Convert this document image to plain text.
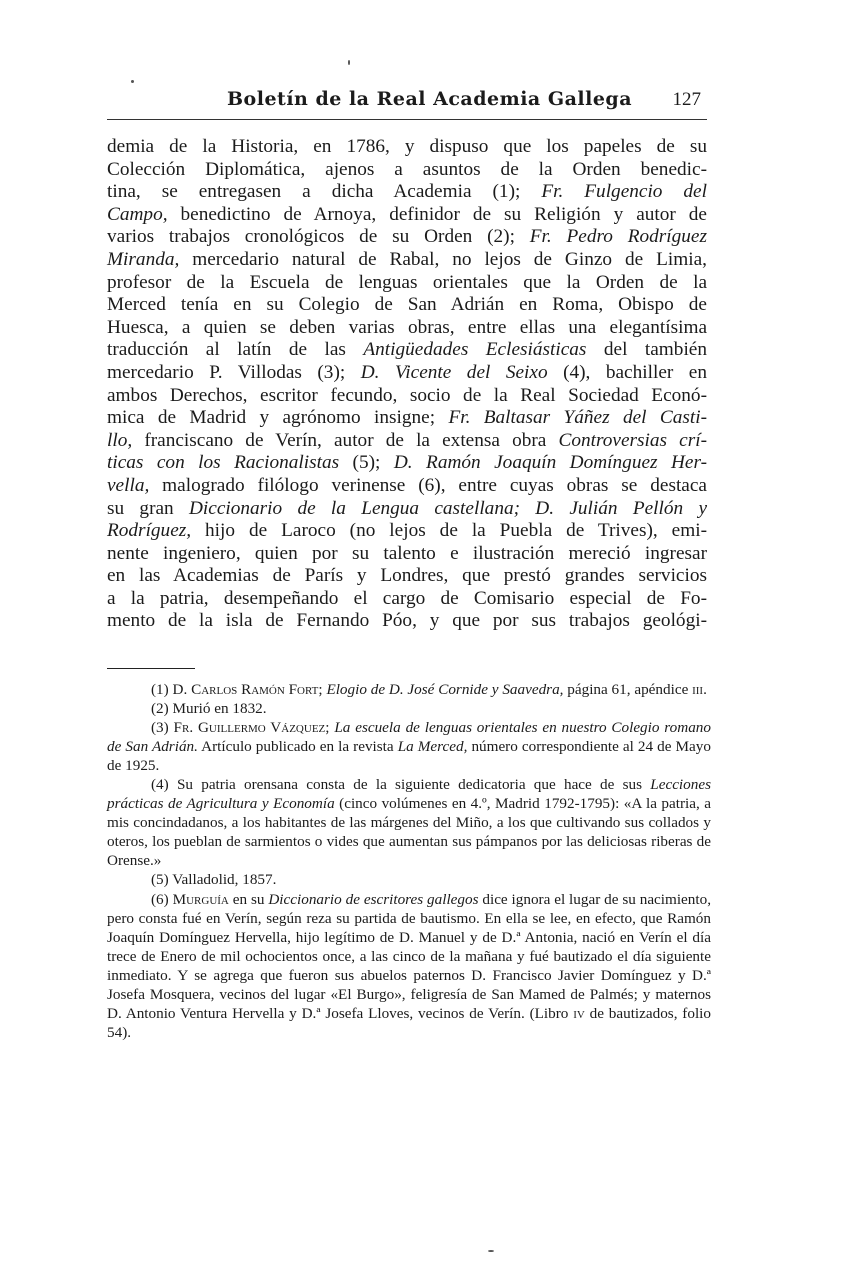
Boletín de la Real Academia Gallega 127
demia de la Historia, en 1786, y dispuso que los papeles de su
Colección Diplomática, ajenos a asuntos de la Orden benedic-
tina, se entregasen a dicha Academia (1); Fr. Fulgencio del
Campo, benedictino de Arnoya, definidor de su Religión y autor de
varios trabajos cronológicos de su Orden (2); Fr. Pedro Rodríguez
Miranda, mercedario natural de Rabal, no lejos de Ginzo de Limia,
profesor de la Escuela de lenguas orientales que la Orden de la
Merced tenía en su Colegio de San Adrián en Roma, Obispo de
Huesca, a quien se deben varias obras, entre ellas una elegantísima
traducción al latín de las Antigüedades Eclesiásticas del también
mercedario P. Villodas (3); D. Vicente del Seixo (4), bachiller en
ambos Derechos, escritor fecundo, socio de la Real Sociedad Econó-
mica de Madrid y agrónomo insigne; Fr. Baltasar Yáñez del Casti-
llo, franciscano de Verín, autor de la extensa obra Controversias crí-
ticas con los Racionalistas (5); D. Ramón Joaquín Domínguez Her-
vella, malogrado filólogo verinense (6), entre cuyas obras se destaca
su gran Diccionario de la Lengua castellana; D. Julián Pellón y
Rodríguez, hijo de Laroco (no lejos de la Puebla de Trives), emi-
nente ingeniero, quien por su talento e ilustración mereció ingresar
en las Academias de París y Londres, que prestó grandes servicios
a la patria, desempeñando el cargo de Comisario especial de Fo-
mento de la isla de Fernando Póo, y que por sus trabajos geológi-

(1) D. Carlos Ramón Fort; Elogio de D. José Cornide y Saavedra, página 61, apéndice iii.

(2) Murió en 1832.

(3) Fr. Guillermo Vázquez; La escuela de lenguas orientales en nuestro Colegio romano de San Adrián. Artículo publicado en la revista La Merced, número correspondiente al 24 de Mayo de 1925.

(4) Su patria orensana consta de la siguiente dedicatoria que hace de sus Lecciones prácticas de Agricultura y Economía (cinco volúmenes en 4.º, Madrid 1792-1795): «A la patria, a mis concindadanos, a los habitantes de las márgenes del Miño, a los que cultivando sus collados y oteros, los pueblan de sarmientos o vides que aumentan sus pámpanos por las deliciosas riberas de Orense.»

(5) Valladolid, 1857.

(6) Murguía en su Diccionario de escritores gallegos dice ignora el lugar de su nacimiento, pero consta fué en Verín, según reza su partida de bautismo. En ella se lee, en efecto, que Ramón Joaquín Domínguez Hervella, hijo legítimo de D. Manuel y de D.ª Antonia, nació en Verín el día trece de Enero de mil ochocientos once, a las cinco de la mañana y fué bautizado el día siguiente inmediato. Y se agrega que fueron sus abuelos paternos D. Francisco Javier Domínguez y D.ª Josefa Mosquera, vecinos del lugar «El Burgo», feligresía de San Mamed de Palmés; y maternos D. Antonio Ventura Hervella y D.ª Josefa Lloves, vecinos de Verín. (Libro iv de bautizados, folio 54).
